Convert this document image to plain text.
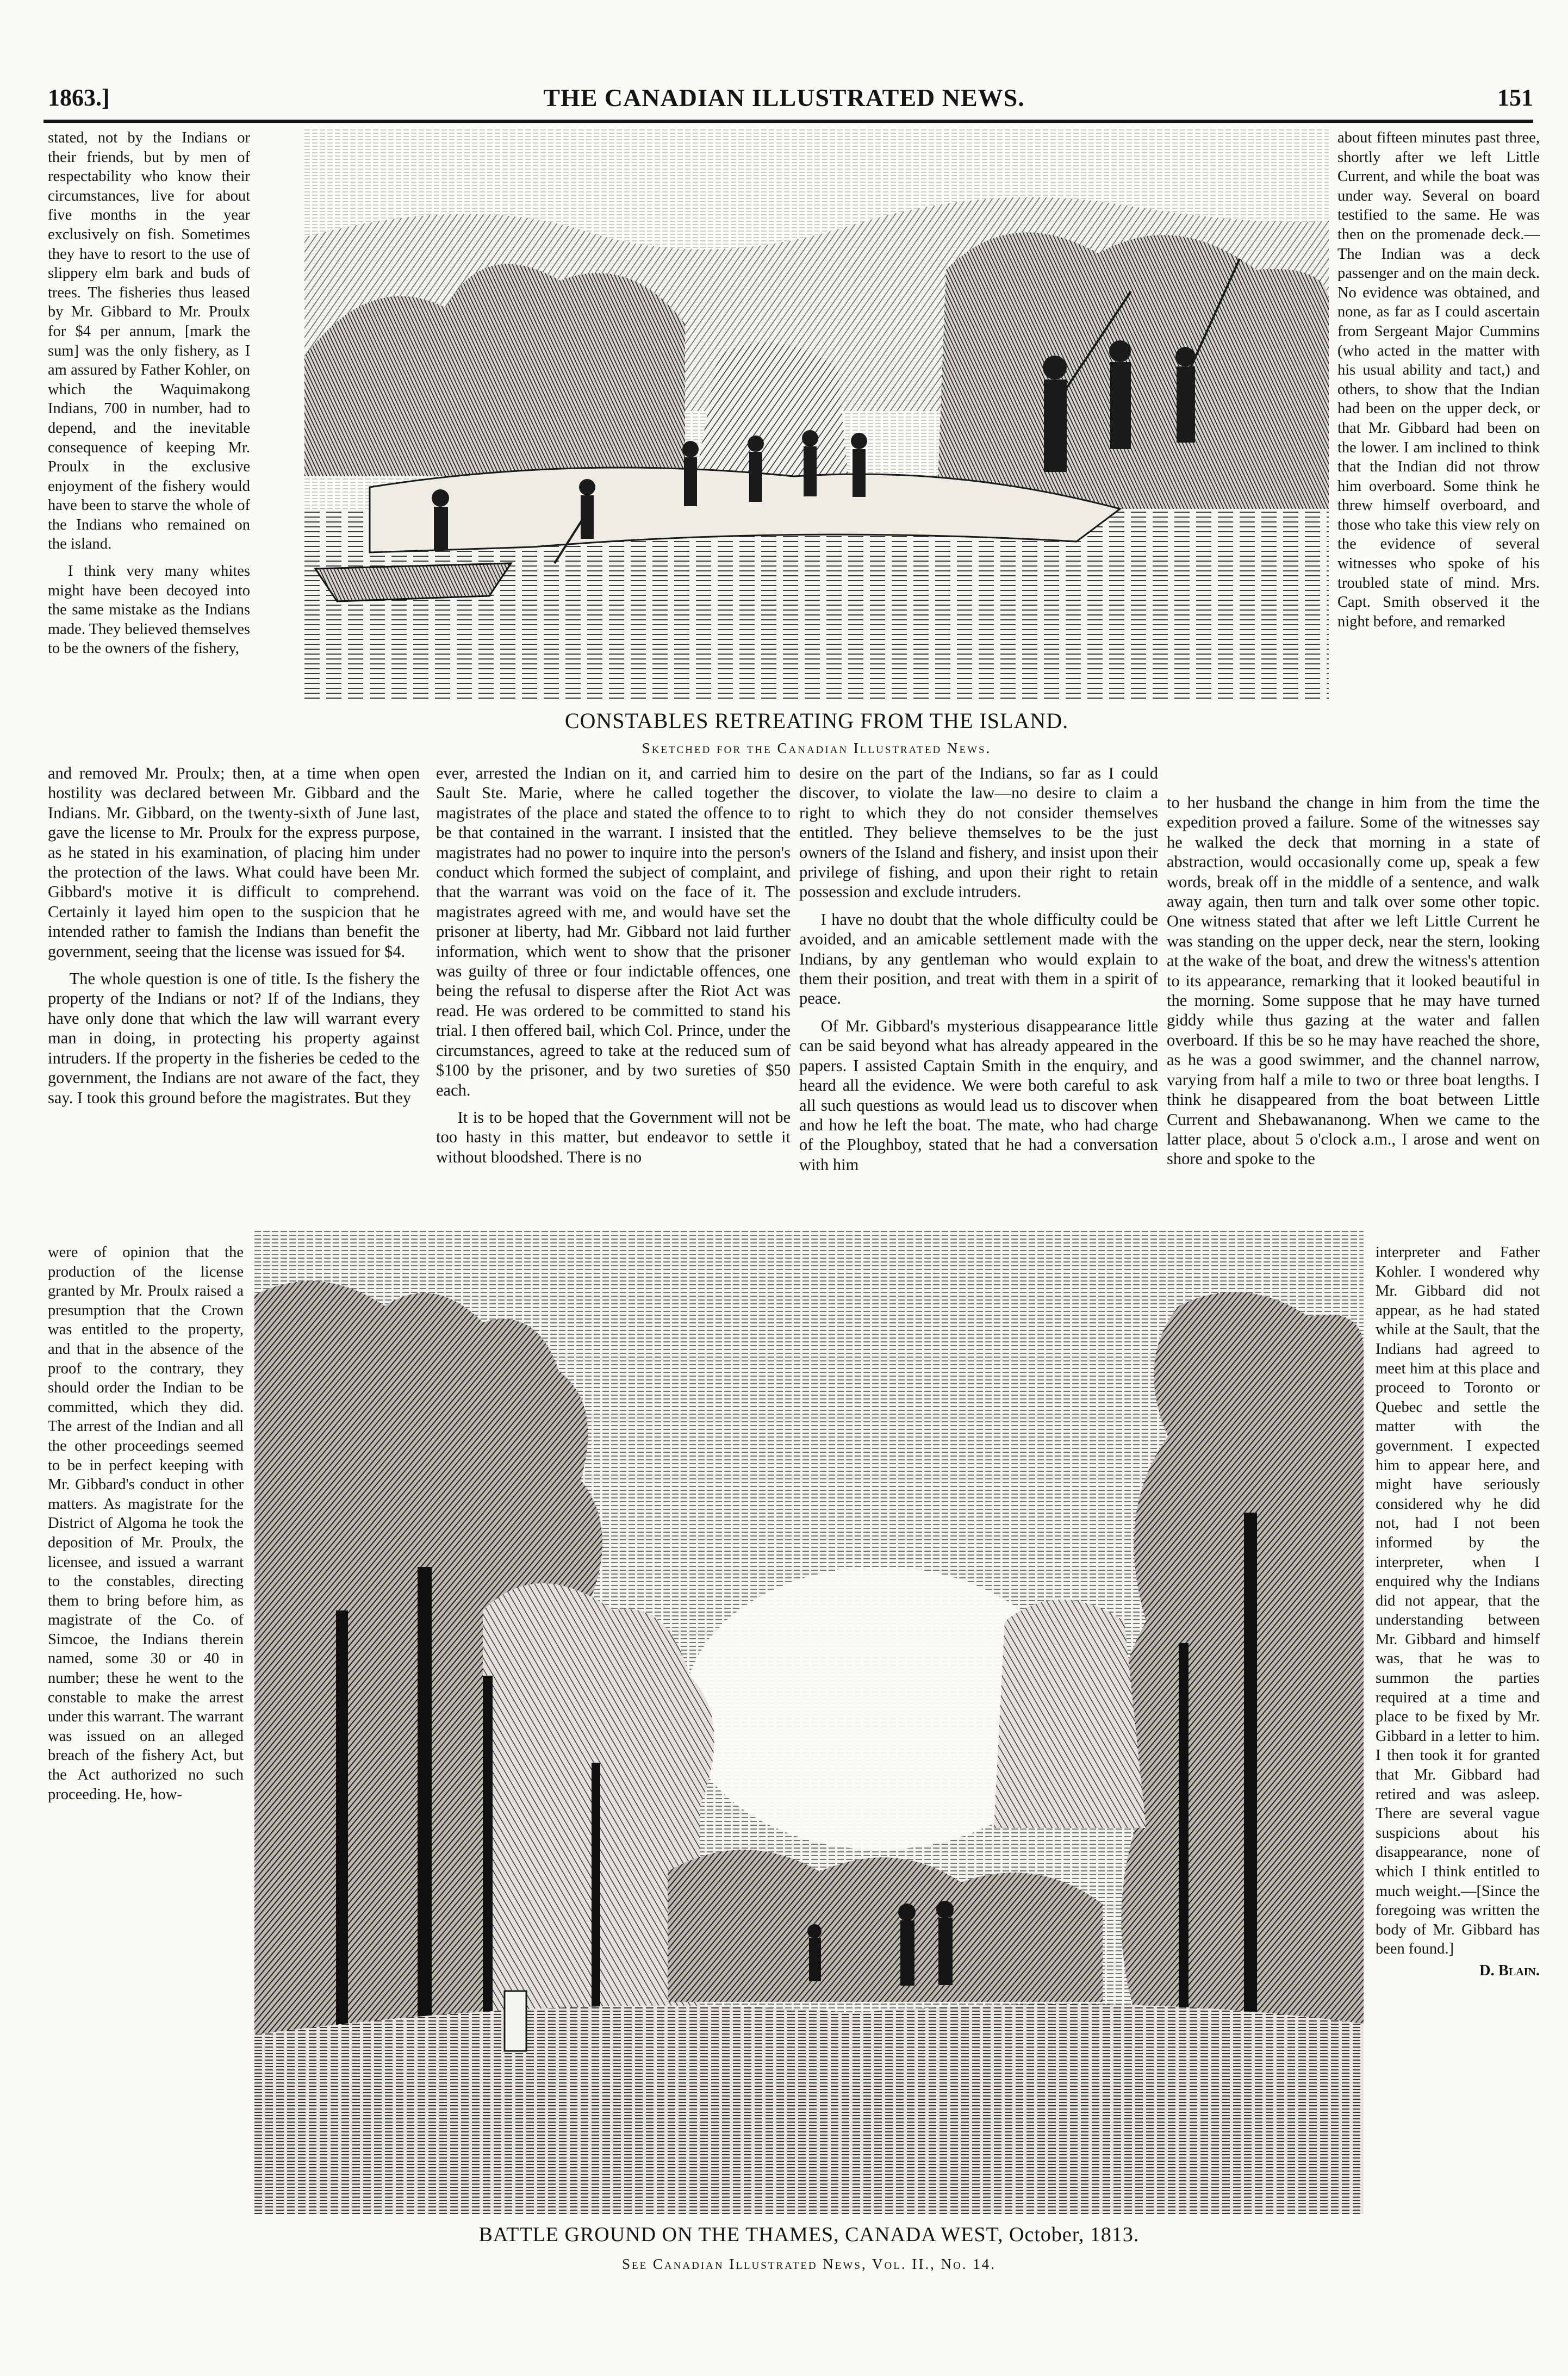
1863.]	THE CANADIAN ILLUSTRATED NEWS.	151

stated, not by the Indians or their friends, but by men of respectability who know their circumstances, live for about five months in the year exclusively on fish. Sometimes they have to resort to the use of slippery elm bark and buds of trees. The fisheries thus leased by Mr. Gibbard to Mr. Proulx for $4 per annum, [mark the sum] was the only fishery, as I am assured by Father Kohler, on which the Waquimakong Indians, 700 in number, had to depend, and the inevitable consequence of keeping Mr. Proulx in the exclusive enjoyment of the fishery would have been to starve the whole of the Indians who remained on the island.

I think very many whites might have been decoyed into the same mistake as the Indians made. They believed themselves to be the owners of the fishery,

CONSTABLES RETREATING FROM THE ISLAND.
Sketched for the Canadian Illustrated News.

about fifteen minutes past three, shortly after we left Little Current, and while the boat was under way. Several on board testified to the same. He was then on the promenade deck.—The Indian was a deck passenger and on the main deck. No evidence was obtained, and none, as far as I could ascertain from Sergeant Major Cummins (who acted in the matter with his usual ability and tact,) and others, to show that the Indian had been on the upper deck, or that Mr. Gibbard had been on the lower. I am inclined to think that the Indian did not throw him overboard. Some think he threw himself overboard, and those who take this view rely on the evidence of several witnesses who spoke of his troubled state of mind. Mrs. Capt. Smith observed it the night before, and remarked

and removed Mr. Proulx; then, at a time when open hostility was declared between Mr. Gibbard and the Indians. Mr. Gibbard, on the twenty-sixth of June last, gave the license to Mr. Proulx for the express purpose, as he stated in his examination, of placing him under the protection of the laws. What could have been Mr. Gibbard's motive it is difficult to comprehend. Certainly it layed him open to the suspicion that he intended rather to famish the Indians than benefit the government, seeing that the license was issued for $4.

The whole question is one of title. Is the fishery the property of the Indians or not? If of the Indians, they have only done that which the law will warrant every man in doing, in protecting his property against intruders. If the property in the fisheries be ceded to the government, the Indians are not aware of the fact, they say. I took this ground before the magistrates. But they

ever, arrested the Indian on it, and carried him to Sault Ste. Marie, where he called together the magistrates of the place and stated the offence to to be that contained in the warrant. I insisted that the magistrates had no power to inquire into the person's conduct which formed the subject of complaint, and that the warrant was void on the face of it. The magistrates agreed with me, and would have set the prisoner at liberty, had Mr. Gibbard not laid further information, which went to show that the prisoner was guilty of three or four indictable offences, one being the refusal to disperse after the Riot Act was read. He was ordered to be committed to stand his trial. I then offered bail, which Col. Prince, under the circumstances, agreed to take at the reduced sum of $100 by the prisoner, and by two sureties of $50 each.

It is to be hoped that the Government will not be too hasty in this matter, but endeavor to settle it without bloodshed. There is no

desire on the part of the Indians, so far as I could discover, to violate the law—no desire to claim a right to which they do not consider themselves entitled. They believe themselves to be the just owners of the Island and fishery, and insist upon their privilege of fishing, and upon their right to retain possession and exclude intruders.

I have no doubt that the whole difficulty could be avoided, and an amicable settlement made with the Indians, by any gentleman who would explain to them their position, and treat with them in a spirit of peace.

Of Mr. Gibbard's mysterious disappearance little can be said beyond what has already appeared in the papers. I assisted Captain Smith in the enquiry, and heard all the evidence. We were both careful to ask all such questions as would lead us to discover when and how he left the boat. The mate, who had charge of the Ploughboy, stated that he had a conversation with him

to her husband the change in him from the time the expedition proved a failure. Some of the witnesses say he walked the deck that morning in a state of abstraction, would occasionally come up, speak a few words, break off in the middle of a sentence, and walk away again, then turn and talk over some other topic. One witness stated that after we left Little Current he was standing on the upper deck, near the stern, looking at the wake of the boat, and drew the witness's attention to its appearance, remarking that it looked beautiful in the morning. Some suppose that he may have turned giddy while thus gazing at the water and fallen overboard. If this be so he may have reached the shore, as he was a good swimmer, and the channel narrow, varying from half a mile to two or three boat lengths. I think he disappeared from the boat between Little Current and Shebawananong. When we came to the latter place, about 5 o'clock a.m., I arose and went on shore and spoke to the

were of opinion that the production of the license granted by Mr. Proulx raised a presumption that the Crown was entitled to the property, and that in the absence of the proof to the contrary, they should order the Indian to be committed, which they did. The arrest of the Indian and all the other proceedings seemed to be in perfect keeping with Mr. Gibbard's conduct in other matters. As magistrate for the District of Algoma he took the deposition of Mr. Proulx, the licensee, and issued a warrant to the constables, directing them to bring before him, as magistrate of the Co. of Simcoe, the Indians therein named, some 30 or 40 in number; these he went to the constable to make the arrest under this warrant. The warrant was issued on an alleged breach of the fishery Act, but the Act authorized no such proceeding. He, how-

BATTLE GROUND ON THE THAMES, CANADA WEST, October, 1813.
See Canadian Illustrated News, Vol. II., No. 14.

interpreter and Father Kohler. I wondered why Mr. Gibbard did not appear, as he had stated while at the Sault, that the Indians had agreed to meet him at this place and proceed to Toronto or Quebec and settle the matter with the government. I expected him to appear here, and might have seriously considered why he did not, had I not been informed by the interpreter, when I enquired why the Indians did not appear, that the understanding between Mr. Gibbard and himself was, that he was to summon the parties required at a time and place to be fixed by Mr. Gibbard in a letter to him. I then took it for granted that Mr. Gibbard had retired and was asleep. There are several vague suspicions about his disappearance, none of which I think entitled to much weight.—[Since the foregoing was written the body of Mr. Gibbard has been found.]

D. Blain.
